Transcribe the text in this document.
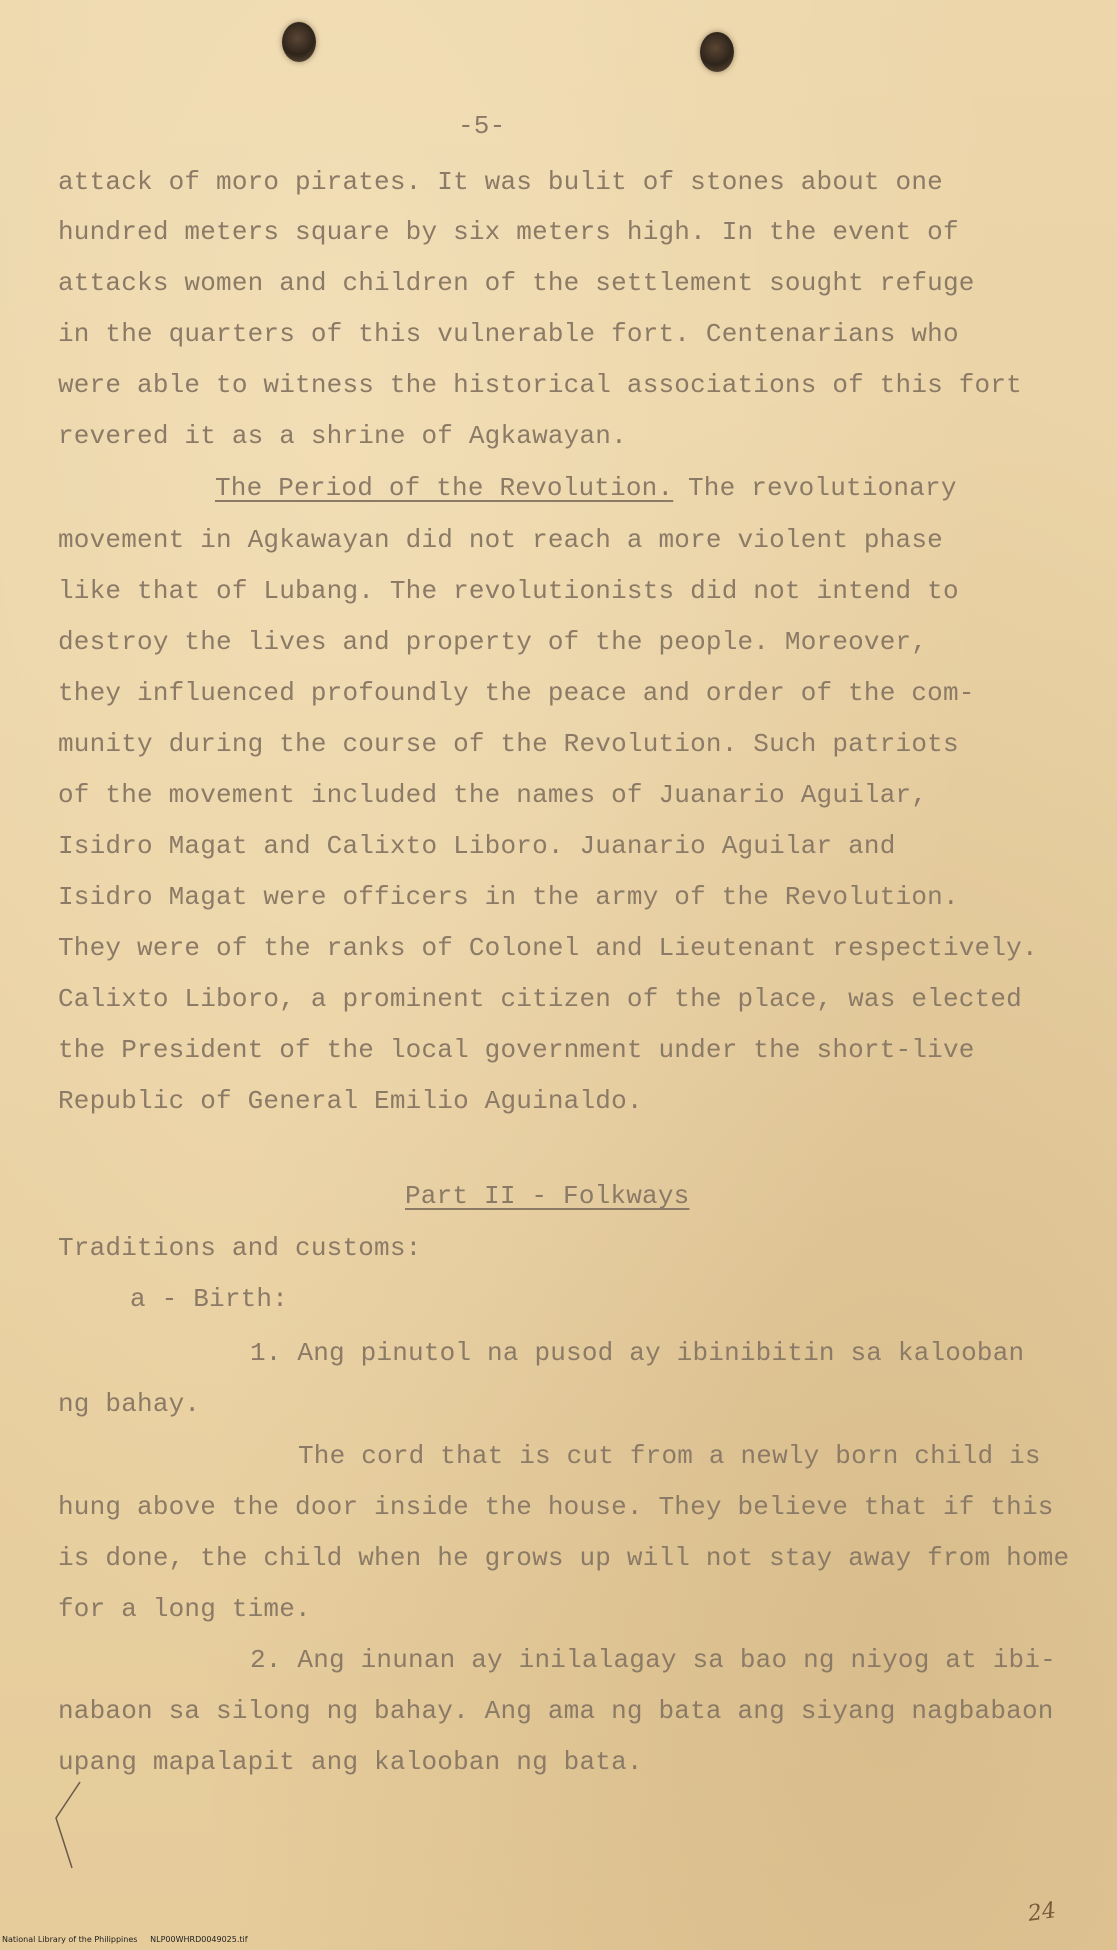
-5-
attack of moro pirates. It was bulit of stones about one
hundred meters square by six meters high. In the event of
attacks women and children of the settlement sought refuge
in the quarters of this vulnerable fort. Centenarians who
were able to witness the historical associations of this fort
revered it as a shrine of Agkawayan.
The Period of the Revolution. The revolutionary
movement in Agkawayan did not reach a more violent phase
like that of Lubang. The revolutionists did not intend to
destroy the lives and property of the people. Moreover,
they influenced profoundly the peace and order of the com-
munity during the course of the Revolution. Such patriots
of the movement included the names of Juanario Aguilar,
Isidro Magat and Calixto Liboro. Juanario Aguilar and
Isidro Magat were officers in the army of the Revolution.
They were of the ranks of Colonel and Lieutenant respectively.
Calixto Liboro, a prominent citizen of the place, was elected
the President of the local government under the short-live
Republic of General Emilio Aguinaldo.
Part II - Folkways
Traditions and customs:
a - Birth:
1. Ang pinutol na pusod ay ibinibitin sa kalooban
ng bahay.
The cord that is cut from a newly born child is
hung above the door inside the house. They believe that if this
is done, the child when he grows up will not stay away from home
for a long time.
2. Ang inunan ay inilalagay sa bao ng niyog at ibi-
nabaon sa silong ng bahay. Ang ama ng bata ang siyang nagbabaon
upang mapalapit ang kalooban ng bata.
24
National Library of the Philippines NLP00WHRD0049025.tif
